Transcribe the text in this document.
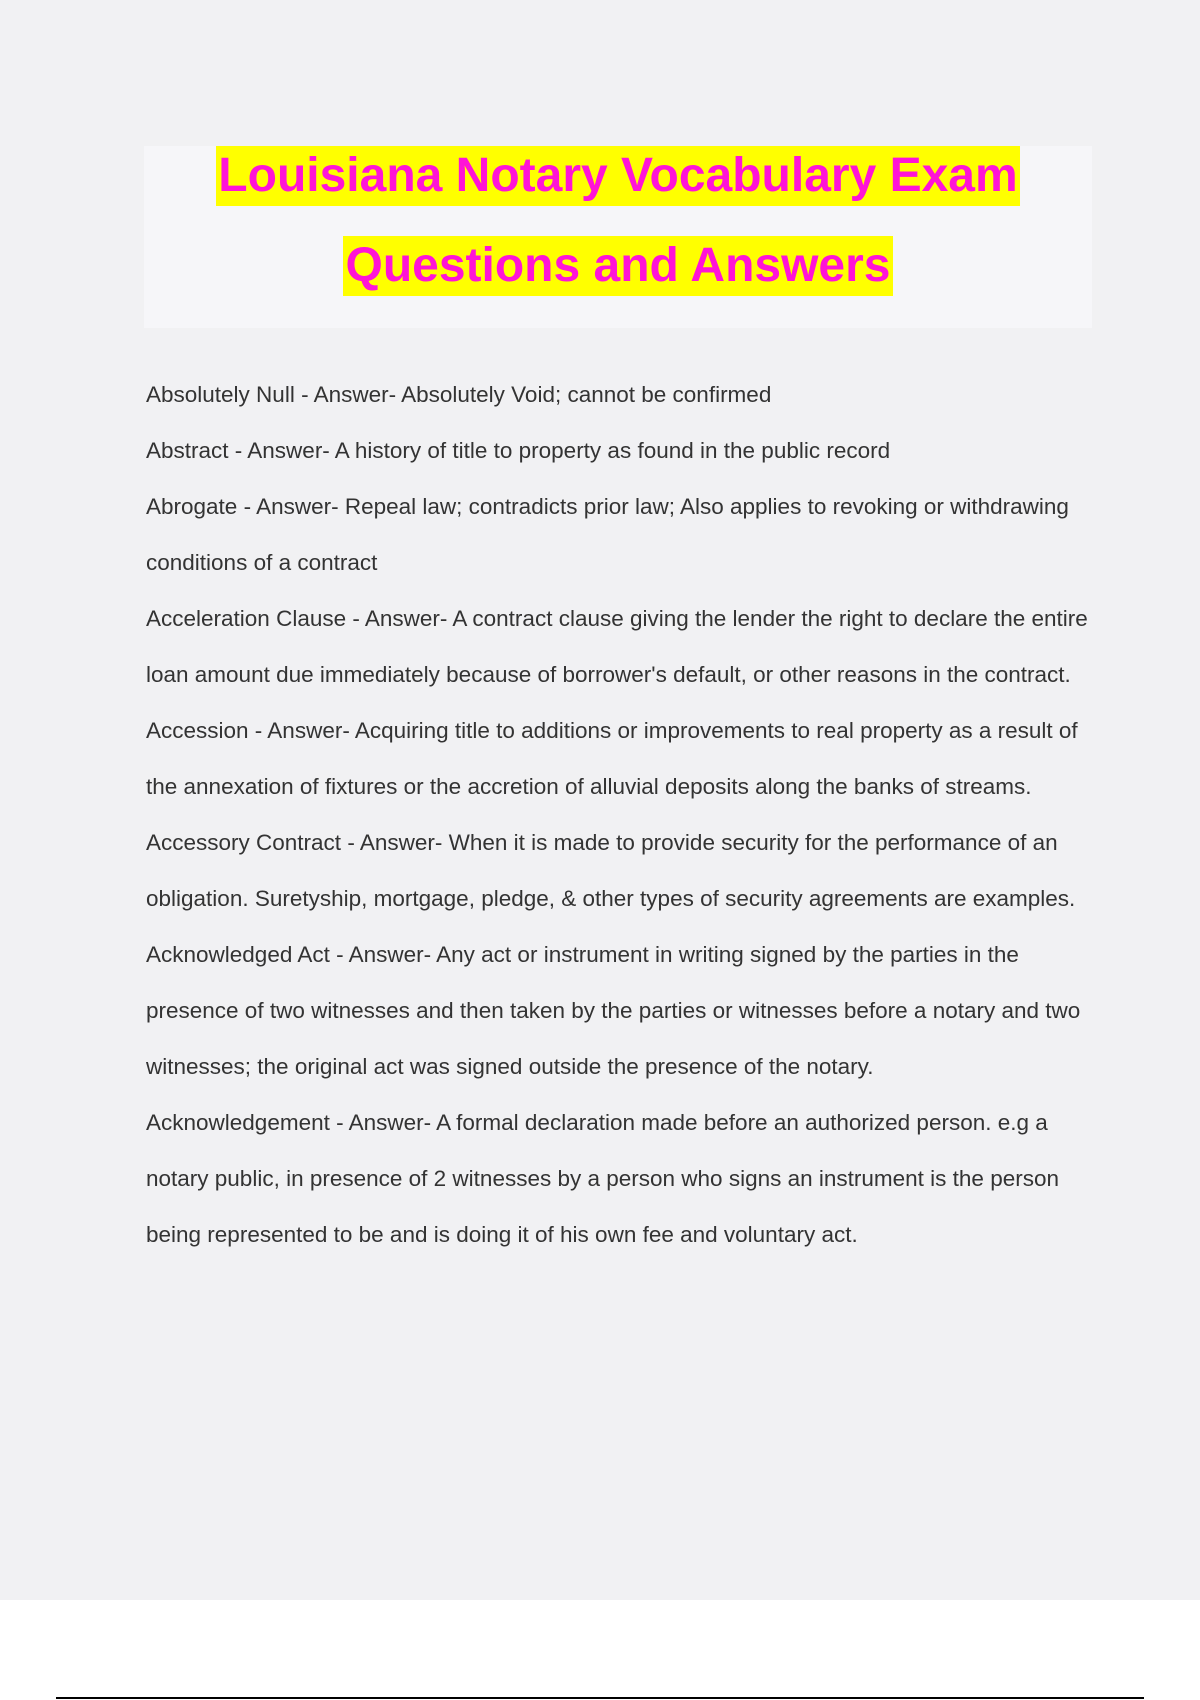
Louisiana Notary Vocabulary Exam
Questions and Answers

Absolutely Null - Answer- Absolutely Void; cannot be confirmed

Abstract - Answer- A history of title to property as found in the public record

Abrogate - Answer- Repeal law; contradicts prior law; Also applies to revoking or withdrawing conditions of a contract

Acceleration Clause - Answer- A contract clause giving the lender the right to declare the entire loan amount due immediately because of borrower's default, or other reasons in the contract.

Accession - Answer- Acquiring title to additions or improvements to real property as a result of the annexation of fixtures or the accretion of alluvial deposits along the banks of streams.

Accessory Contract - Answer- When it is made to provide security for the performance of an obligation. Suretyship, mortgage, pledge, & other types of security agreements are examples.

Acknowledged Act - Answer- Any act or instrument in writing signed by the parties in the presence of two witnesses and then taken by the parties or witnesses before a notary and two witnesses; the original act was signed outside the presence of the notary.

Acknowledgement - Answer- A formal declaration made before an authorized person. e.g a notary public, in presence of 2 witnesses by a person who signs an instrument is the person being represented to be and is doing it of his own fee and voluntary act.
